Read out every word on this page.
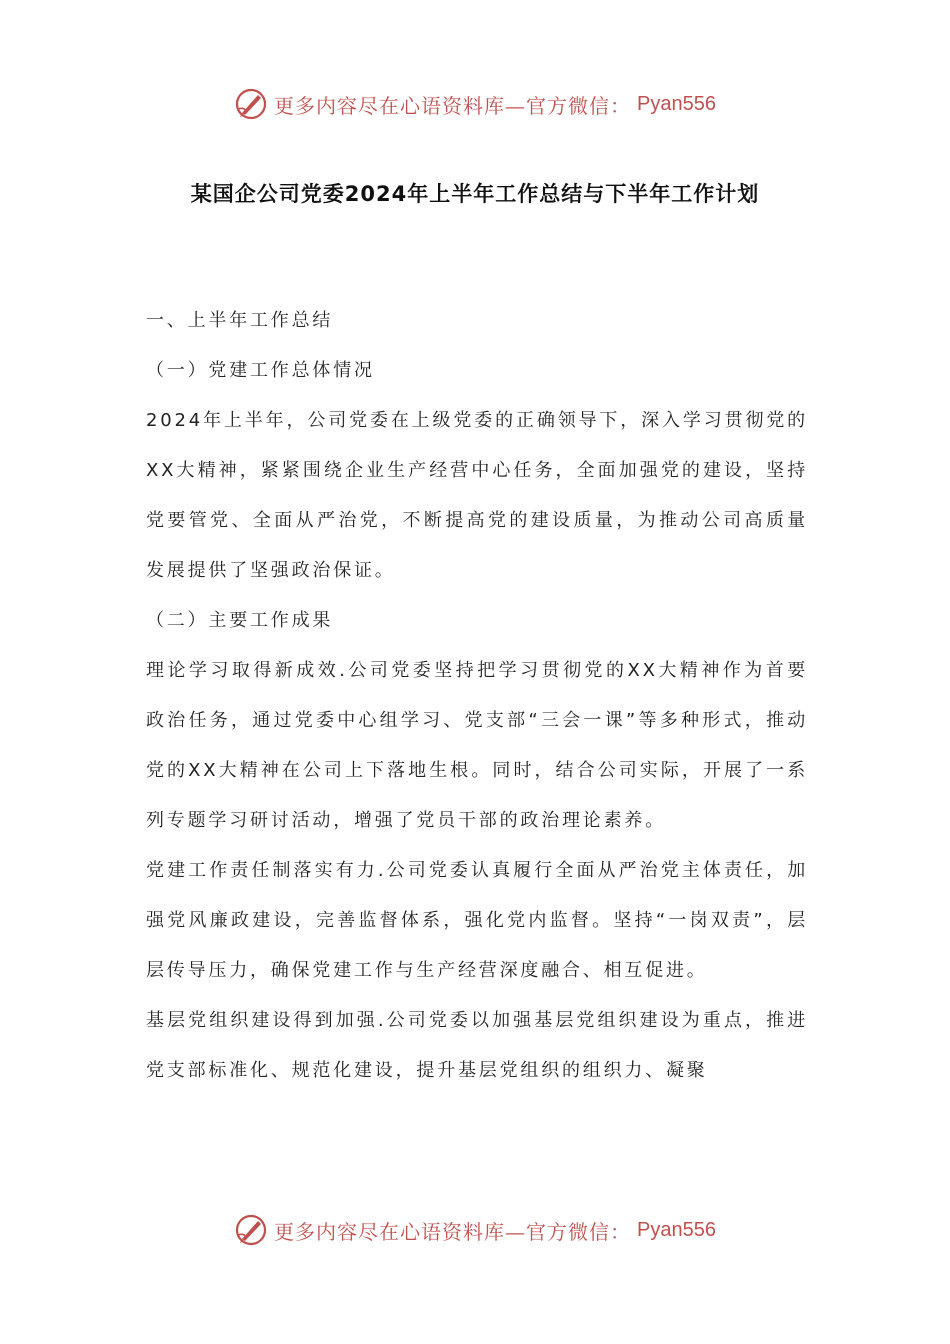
更多内容尽在心语资料库—官方微信： Pyan556
某国企公司党委2024年上半年工作总结与下半年工作计划

一、上半年工作总结

（一）党建工作总体情况

2024年上半年，公司党委在上级党委的正确领导下，深入学习贯彻党的XX大精神，紧紧围绕企业生产经营中心任务，全面加强党的建设，坚持党要管党、全面从严治党，不断提高党的建设质量，为推动公司高质量发展提供了坚强政治保证。

（二）主要工作成果

理论学习取得新成效.公司党委坚持把学习贯彻党的XX大精神作为首要政治任务，通过党委中心组学习、党支部“三会一课”等多种形式，推动党的XX大精神在公司上下落地生根。同时，结合公司实际，开展了一系列专题学习研讨活动，增强了党员干部的政治理论素养。

党建工作责任制落实有力.公司党委认真履行全面从严治党主体责任，加强党风廉政建设，完善监督体系，强化党内监督。坚持“一岗双责”，层层传导压力，确保党建工作与生产经营深度融合、相互促进。

基层党组织建设得到加强.公司党委以加强基层党组织建设为重点，推进党支部标准化、规范化建设，提升基层党组织的组织力、凝聚

更多内容尽在心语资料库—官方微信： Pyan556
